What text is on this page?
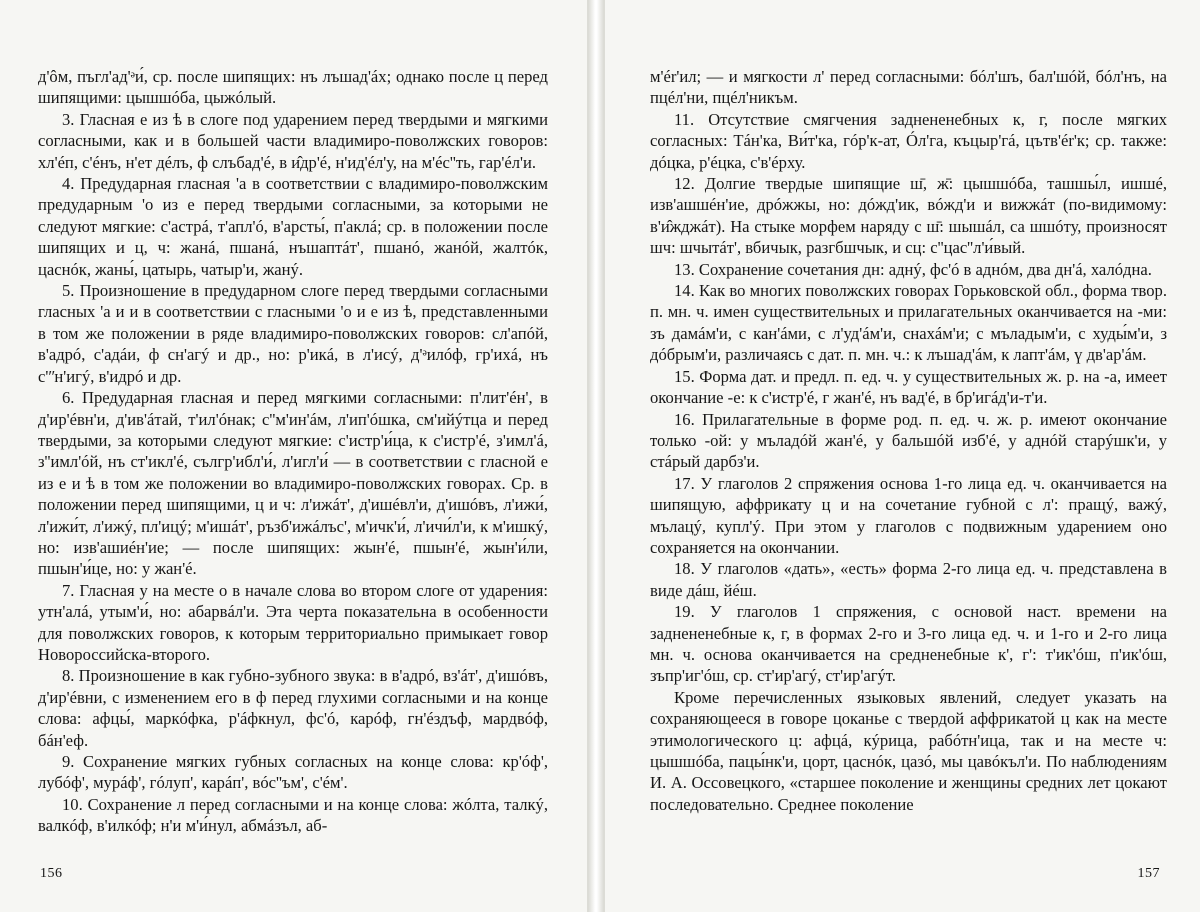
д'ôм, пъгл'ад'ᵊи́, ср. после шипящих: нъ лъшад'áх; однако после ц перед шипящими: цышшóба, цыжóлый.

3. Гласная е из ѣ в слоге под ударением перед твердыми и мягкими согласными, как и в большей части владимиро-поволжских говоров: хл'éп, с'éнъ, н'ет дéлъ, ф слъбад'é, в и̂др'é, н'ид'éл'у, на м'éс''ть, гар'éл'и.

4. Предударная гласная 'а в соответствии с владимиро-поволжским предударным 'о из е перед твердыми согласными, за которыми не следуют мягкие: с'астрá, т'апл'ó, в'арсты́, п'аклá; ср. в положении после шипящих и ц, ч: жанá, пшанá, нъшаптáт', пшанó, жанóй, жалтóк, цаснóк, жаны́, цатырь, чатыр'и, жанý.

5. Произношение в предударном слоге перед твердыми согласными гласных 'а и и в соответствии с гласными 'о и е из ѣ, представленными в том же положении в ряде владимиро-поволжских говоров: сл'апóй, в'адрó, с'адáи, ф сн'агý и др., но: р'икá, в л'исý, д'ᵊилóф, гр'ихá, нъ с'ʺн'игý, в'идрó и др.

6. Предударная гласная и перед мягкими согласными: п'лит'éн', в д'ир'éвн'и, д'ив'áтай, т'ил'óнак; с''м'ин'áм, л'ип'óшка, см'ийýтца и перед твердыми, за которыми следуют мягкие: с'истр'и́ца, к с'истр'é, з'имл'á, з''имл'óй, нъ ст'икл'é, сългр'ибл'и́, л'игл'и́ — в соответствии с гласной е из е и ѣ в том же положении во владимиро-поволжских говорах. Ср. в положении перед шипящими, ц и ч: л'ижáт', д'ишéвл'и, д'ишóвъ, л'ижи́, л'ижи́т, л'ижý, пл'ицý; м'ишáт', ръзб'ижáлъс', м'ичк'и́, л'ичи́л'и, к м'ишкý, но: изв'ашиéн'ие; — после шипящих: жын'é, пшын'é, жын'и́ли, пшын'и́це, но: у жан'é.

7. Гласная у на месте о в начале слова во втором слоге от ударения: утн'алá, утым'и́, но: абарвáл'и. Эта черта показательна в особенности для поволжских говоров, к которым территориально примыкает говор Новороссийска-второго.

8. Произношение в как губно-зубного звука: в в'адрó, вз'áт', д'ишóвъ, д'ир'éвни, с изменением его в ф перед глухими согласными и на конце слова: афцы́, маркóфка, р'áфкнул, фс'ó, карóф, гн'éздъф, мардвóф, бáн'еф.

9. Сохранение мягких губных согласных на конце слова: кр'óф', лубóф', мурáф', гóлуп', карáп', вóс''ъм', с'éм'.

10. Сохранение л перед согласными и на конце слова: жóлта, талкý, валкóф, в'илкóф; н'и м'и́нул, абмáзъл, аб-

156

м'ér'ил; — и мягкости л' перед согласными: бóл'шъ, бал'шóй, бóл'нъ, на пцéл'ни, пцéл'никъм.

11. Отсутствие смягчения заднененебных к, г, после мягких согласных: Тáн'ка, Ви́т'ка, гóр'к-ат, Óл'га, къцыр'гá, цътв'ér'к; ср. также: дóцка, р'éцка, с'в'éрху.

12. Долгие твердые шипящие ш̄, ж̄: цышшóба, ташшы́л, ишшé, изв'ашшéн'ие, дрóжжы, но: дóжд'ик, вóжд'и и вижжáт (по-видимому: в'и̂жджáт). На стыке морфем наряду с ш̄: шышáл, са шшóту, произносят шч: шчытáт', вбичык, разгбшчык, и сц: с''цас''л'и́вый.

13. Сохранение сочетания дн: аднý, фс'ó в аднóм, два дн'á, халóдна.

14. Как во многих поволжских говорах Горьковской обл., форма твор. п. мн. ч. имен существительных и прилагательных оканчивается на -ми: зъ дамáм'и, с кан'áми, с л'уд'áм'и, снахáм'и; с мъладым'и, с худы́м'и, з дóбрым'и, различаясь с дат. п. мн. ч.: к лъшад'áм, к лапт'áм, ү дв'ар'áм.

15. Форма дат. и предл. п. ед. ч. у существительных ж. р. на -а, имеет окончание -е: к с'истр'é, г жан'é, нъ вад'é, в бр'игáд'и-т'и.

16. Прилагательные в форме род. п. ед. ч. ж. р. имеют окончание только -ой: у мъладóй жан'é, у бальшóй изб'é, у аднóй старýшк'и, у стáрый дарбз'и.

17. У глаголов 2 спряжения основа 1-го лица ед. ч. оканчивается на шипящую, аффрикату ц и на сочетание губной с л': пращý, важý, мълацý, купл'ý. При этом у глаголов с подвижным ударением оно сохраняется на окончании.

18. У глаголов «дать», «есть» форма 2-го лица ед. ч. представлена в виде дáш, йéш.

19. У глаголов 1 спряжения, с основой наст. времени на заднененебные к, г, в формах 2-го и 3-го лица ед. ч. и 1-го и 2-го лица мн. ч. основа оканчивается на средненебные к', г': т'ик'óш, п'ик'óш, зъпр'иг'óш, ср. ст'ир'агý, ст'ир'агýт.

Кроме перечисленных языковых явлений, следует указать на сохраняющееся в говоре цоканье с твердой аффрикатой ц как на месте этимологического ц: афцá, кýрица, рабóтн'ица, так и на месте ч: цышшóба, пацы́нк'и, цорт, цаснóк, цазó, мы цавóкъл'и. По наблюдениям И. А. Оссовецкого, «старшее поколение и женщины средних лет цокают последовательно. Среднее поколение

157
